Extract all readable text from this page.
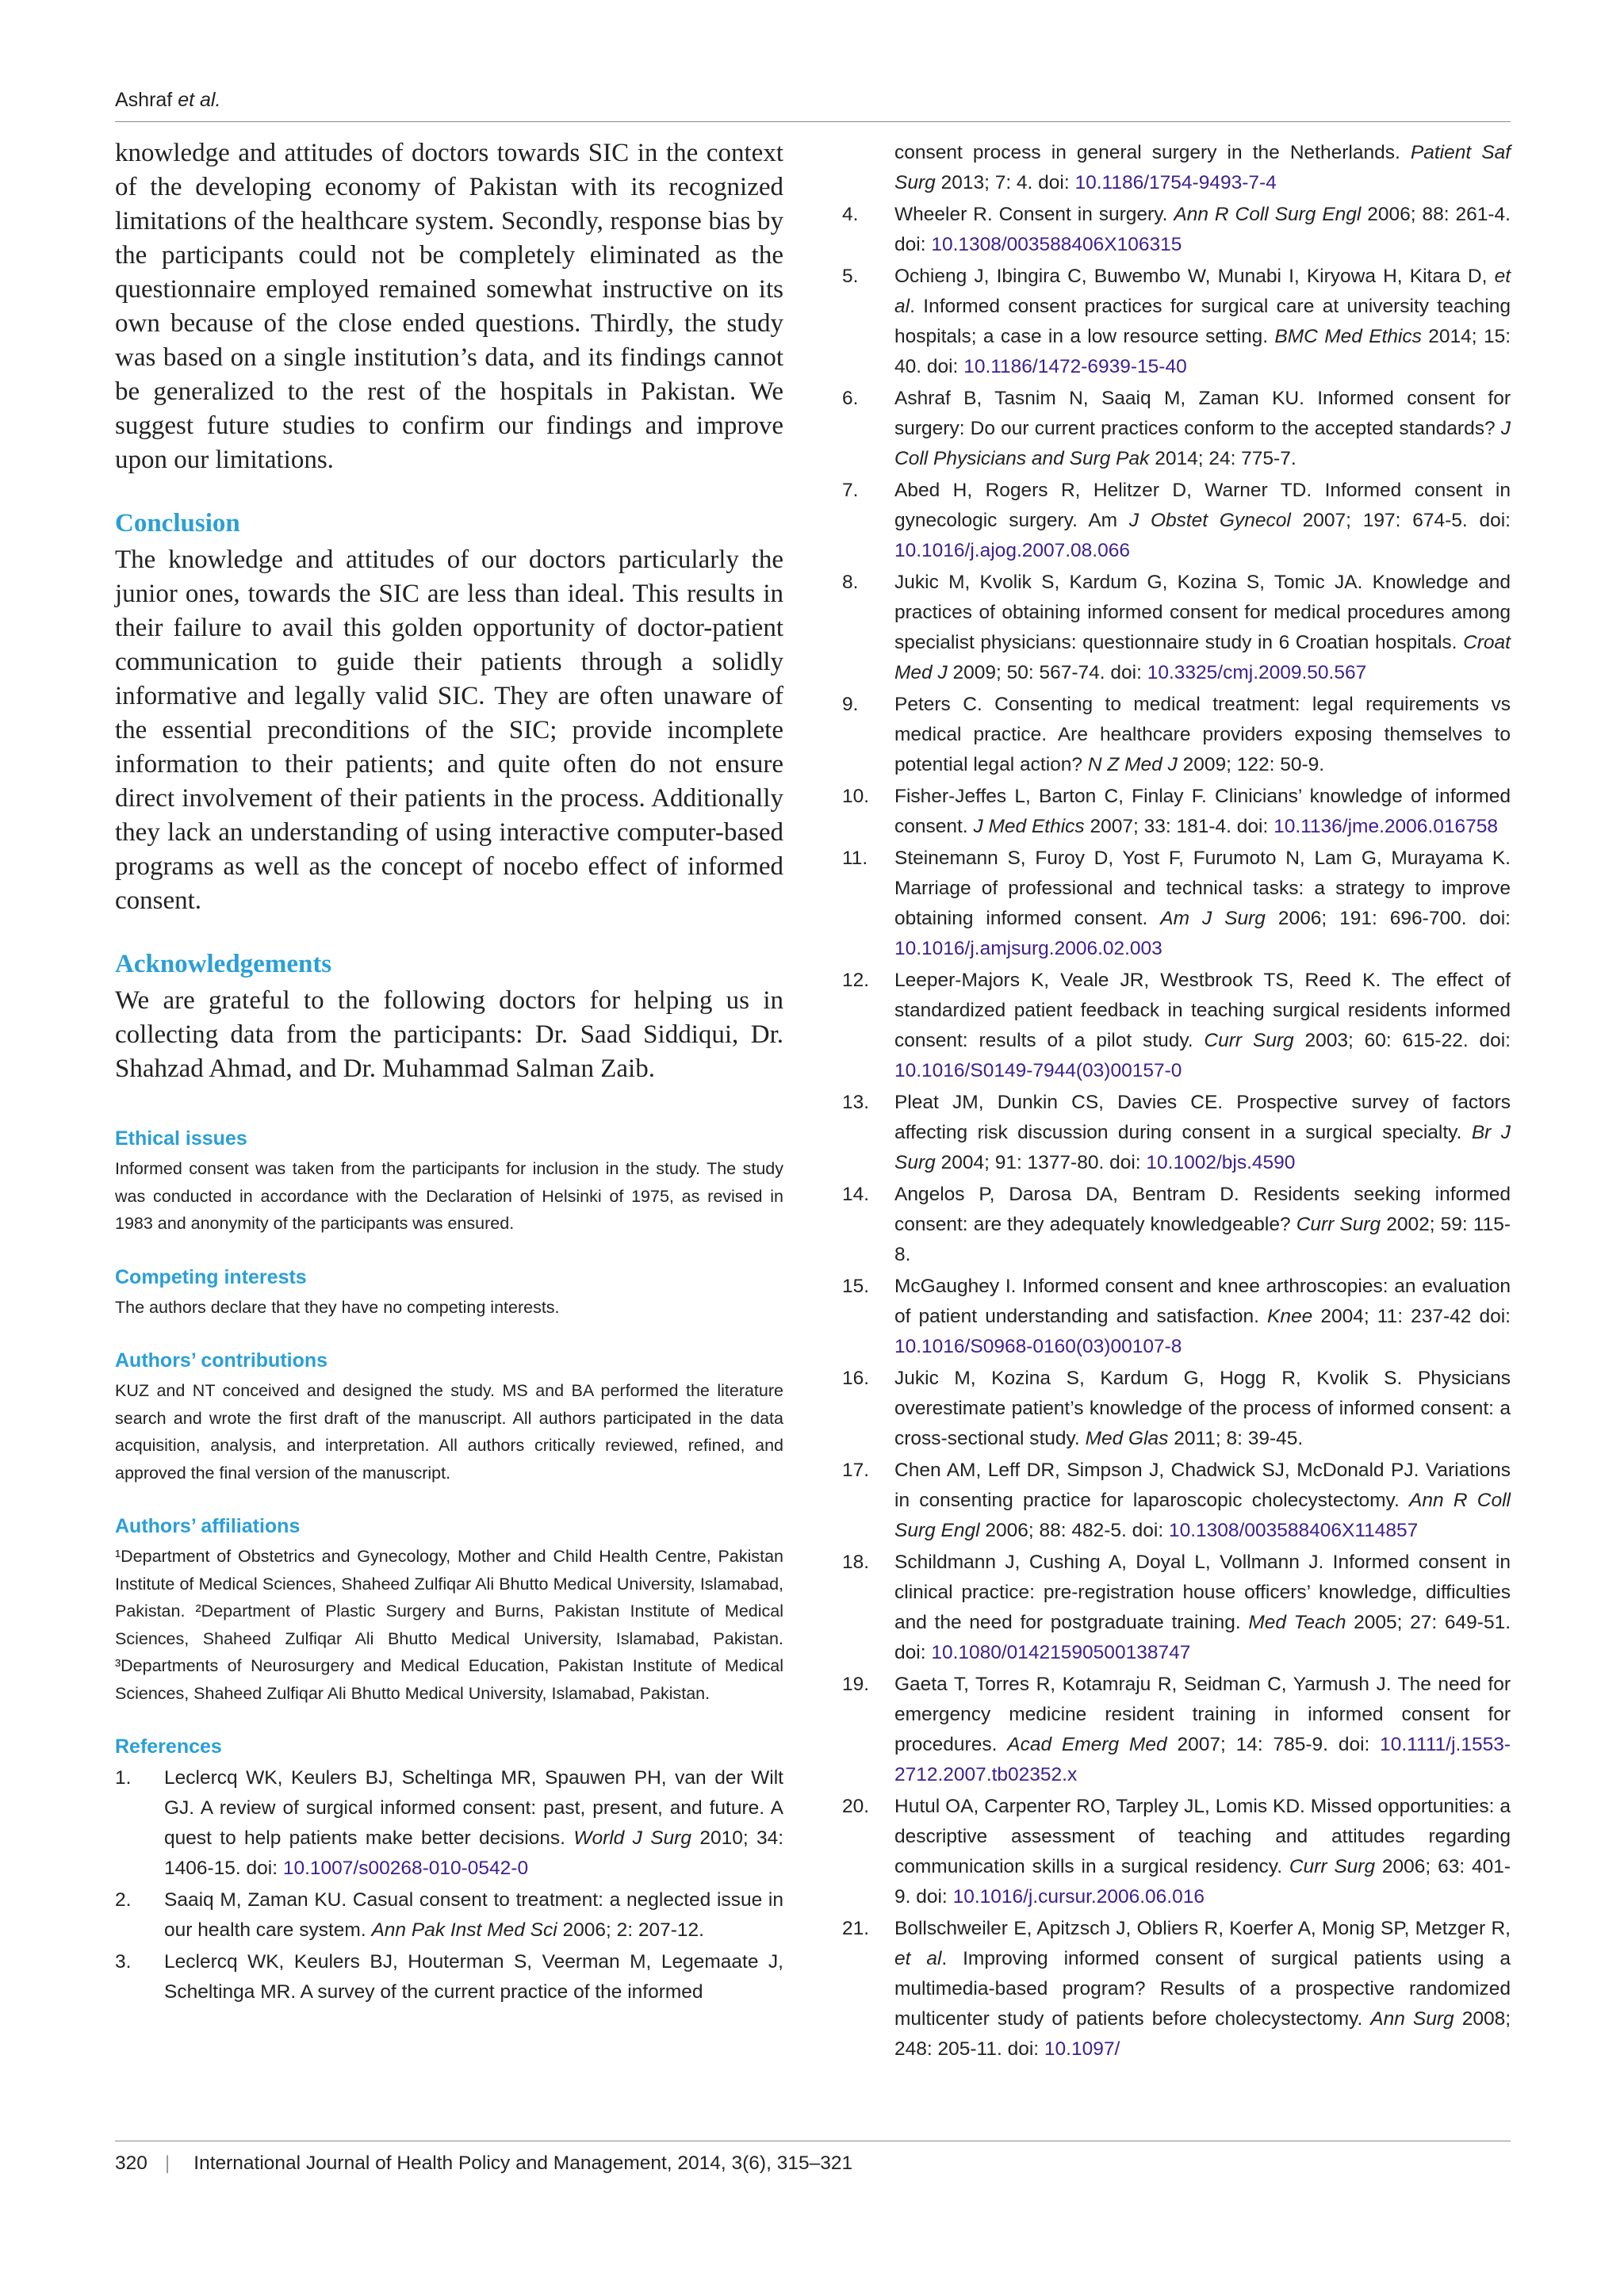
Ashraf et al.

knowledge and attitudes of doctors towards SIC in the context of the developing economy of Pakistan with its recognized limitations of the healthcare system. Secondly, response bias by the participants could not be completely eliminated as the questionnaire employed remained somewhat instructive on its own because of the close ended questions. Thirdly, the study was based on a single institution’s data, and its findings cannot be generalized to the rest of the hospitals in Pakistan. We suggest future studies to confirm our findings and improve upon our limitations.

Conclusion

The knowledge and attitudes of our doctors particularly the junior ones, towards the SIC are less than ideal. This results in their failure to avail this golden opportunity of doctor-patient communication to guide their patients through a solidly informative and legally valid SIC. They are often unaware of the essential preconditions of the SIC; provide incomplete information to their patients; and quite often do not ensure direct involvement of their patients in the process. Additionally they lack an understanding of using interactive computer-based programs as well as the concept of nocebo effect of informed consent.

Acknowledgements

We are grateful to the following doctors for helping us in collecting data from the participants: Dr. Saad Siddiqui, Dr. Shahzad Ahmad, and Dr. Muhammad Salman Zaib.

Ethical issues

Informed consent was taken from the participants for inclusion in the study. The study was conducted in accordance with the Declaration of Helsinki of 1975, as revised in 1983 and anonymity of the participants was ensured.

Competing interests

The authors declare that they have no competing interests.

Authors’ contributions

KUZ and NT conceived and designed the study. MS and BA performed the literature search and wrote the first draft of the manuscript. All authors participated in the data acquisition, analysis, and interpretation. All authors critically reviewed, refined, and approved the final version of the manuscript.

Authors’ affiliations

¹Department of Obstetrics and Gynecology, Mother and Child Health Centre, Pakistan Institute of Medical Sciences, Shaheed Zulfiqar Ali Bhutto Medical University, Islamabad, Pakistan. ²Department of Plastic Surgery and Burns, Pakistan Institute of Medical Sciences, Shaheed Zulfiqar Ali Bhutto Medical University, Islamabad, Pakistan. ³Departments of Neurosurgery and Medical Education, Pakistan Institute of Medical Sciences, Shaheed Zulfiqar Ali Bhutto Medical University, Islamabad, Pakistan.

References
1. Leclercq WK, Keulers BJ, Scheltinga MR, Spauwen PH, van der Wilt GJ. A review of surgical informed consent: past, present, and future. A quest to help patients make better decisions. World J Surg 2010; 34: 1406-15. doi: 10.1007/s00268-010-0542-0
2. Saaiq M, Zaman KU. Casual consent to treatment: a neglected issue in our health care system. Ann Pak Inst Med Sci 2006; 2: 207-12.
3. Leclercq WK, Keulers BJ, Houterman S, Veerman M, Legemaate J, Scheltinga MR. A survey of the current practice of the informed
consent process in general surgery in the Netherlands. Patient Saf Surg 2013; 7: 4. doi: 10.1186/1754-9493-7-4
4. Wheeler R. Consent in surgery. Ann R Coll Surg Engl 2006; 88: 261-4. doi: 10.1308/003588406X106315
5. Ochieng J, Ibingira C, Buwembo W, Munabi I, Kiryowa H, Kitara D, et al. Informed consent practices for surgical care at university teaching hospitals; a case in a low resource setting. BMC Med Ethics 2014; 15: 40. doi: 10.1186/1472-6939-15-40
6. Ashraf B, Tasnim N, Saaiq M, Zaman KU. Informed consent for surgery: Do our current practices conform to the accepted standards? J Coll Physicians and Surg Pak 2014; 24: 775-7.
7. Abed H, Rogers R, Helitzer D, Warner TD. Informed consent in gynecologic surgery. Am J Obstet Gynecol 2007; 197: 674-5. doi: 10.1016/j.ajog.2007.08.066
8. Jukic M, Kvolik S, Kardum G, Kozina S, Tomic JA. Knowledge and practices of obtaining informed consent for medical procedures among specialist physicians: questionnaire study in 6 Croatian hospitals. Croat Med J 2009; 50: 567-74. doi: 10.3325/cmj.2009.50.567
9. Peters C. Consenting to medical treatment: legal requirements vs medical practice. Are healthcare providers exposing themselves to potential legal action? N Z Med J 2009; 122: 50-9.
10. Fisher-Jeffes L, Barton C, Finlay F. Clinicians’ knowledge of informed consent. J Med Ethics 2007; 33: 181-4. doi: 10.1136/jme.2006.016758
11. Steinemann S, Furoy D, Yost F, Furumoto N, Lam G, Murayama K. Marriage of professional and technical tasks: a strategy to improve obtaining informed consent. Am J Surg 2006; 191: 696-700. doi: 10.1016/j.amjsurg.2006.02.003
12. Leeper-Majors K, Veale JR, Westbrook TS, Reed K. The effect of standardized patient feedback in teaching surgical residents informed consent: results of a pilot study. Curr Surg 2003; 60: 615-22. doi: 10.1016/S0149-7944(03)00157-0
13. Pleat JM, Dunkin CS, Davies CE. Prospective survey of factors affecting risk discussion during consent in a surgical specialty. Br J Surg 2004; 91: 1377-80. doi: 10.1002/bjs.4590
14. Angelos P, Darosa DA, Bentram D. Residents seeking informed consent: are they adequately knowledgeable? Curr Surg 2002; 59: 115-8.
15. McGaughey I. Informed consent and knee arthroscopies: an evaluation of patient understanding and satisfaction. Knee 2004; 11: 237-42 doi: 10.1016/S0968-0160(03)00107-8
16. Jukic M, Kozina S, Kardum G, Hogg R, Kvolik S. Physicians overestimate patient’s knowledge of the process of informed consent: a cross-sectional study. Med Glas 2011; 8: 39-45.
17. Chen AM, Leff DR, Simpson J, Chadwick SJ, McDonald PJ. Variations in consenting practice for laparoscopic cholecystectomy. Ann R Coll Surg Engl 2006; 88: 482-5. doi: 10.1308/003588406X114857
18. Schildmann J, Cushing A, Doyal L, Vollmann J. Informed consent in clinical practice: pre-registration house officers’ knowledge, difficulties and the need for postgraduate training. Med Teach 2005; 27: 649-51. doi: 10.1080/01421590500138747
19. Gaeta T, Torres R, Kotamraju R, Seidman C, Yarmush J. The need for emergency medicine resident training in informed consent for procedures. Acad Emerg Med 2007; 14: 785-9. doi: 10.1111/j.1553-2712.2007.tb02352.x
20. Hutul OA, Carpenter RO, Tarpley JL, Lomis KD. Missed opportunities: a descriptive assessment of teaching and attitudes regarding communication skills in a surgical residency. Curr Surg 2006; 63: 401-9. doi: 10.1016/j.cursur.2006.06.016
21. Bollschweiler E, Apitzsch J, Obliers R, Koerfer A, Monig SP, Metzger R, et al. Improving informed consent of surgical patients using a multimedia-based program? Results of a prospective randomized multicenter study of patients before cholecystectomy. Ann Surg 2008; 248: 205-11. doi: 10.1097/
320 | International Journal of Health Policy and Management, 2014, 3(6), 315–321
